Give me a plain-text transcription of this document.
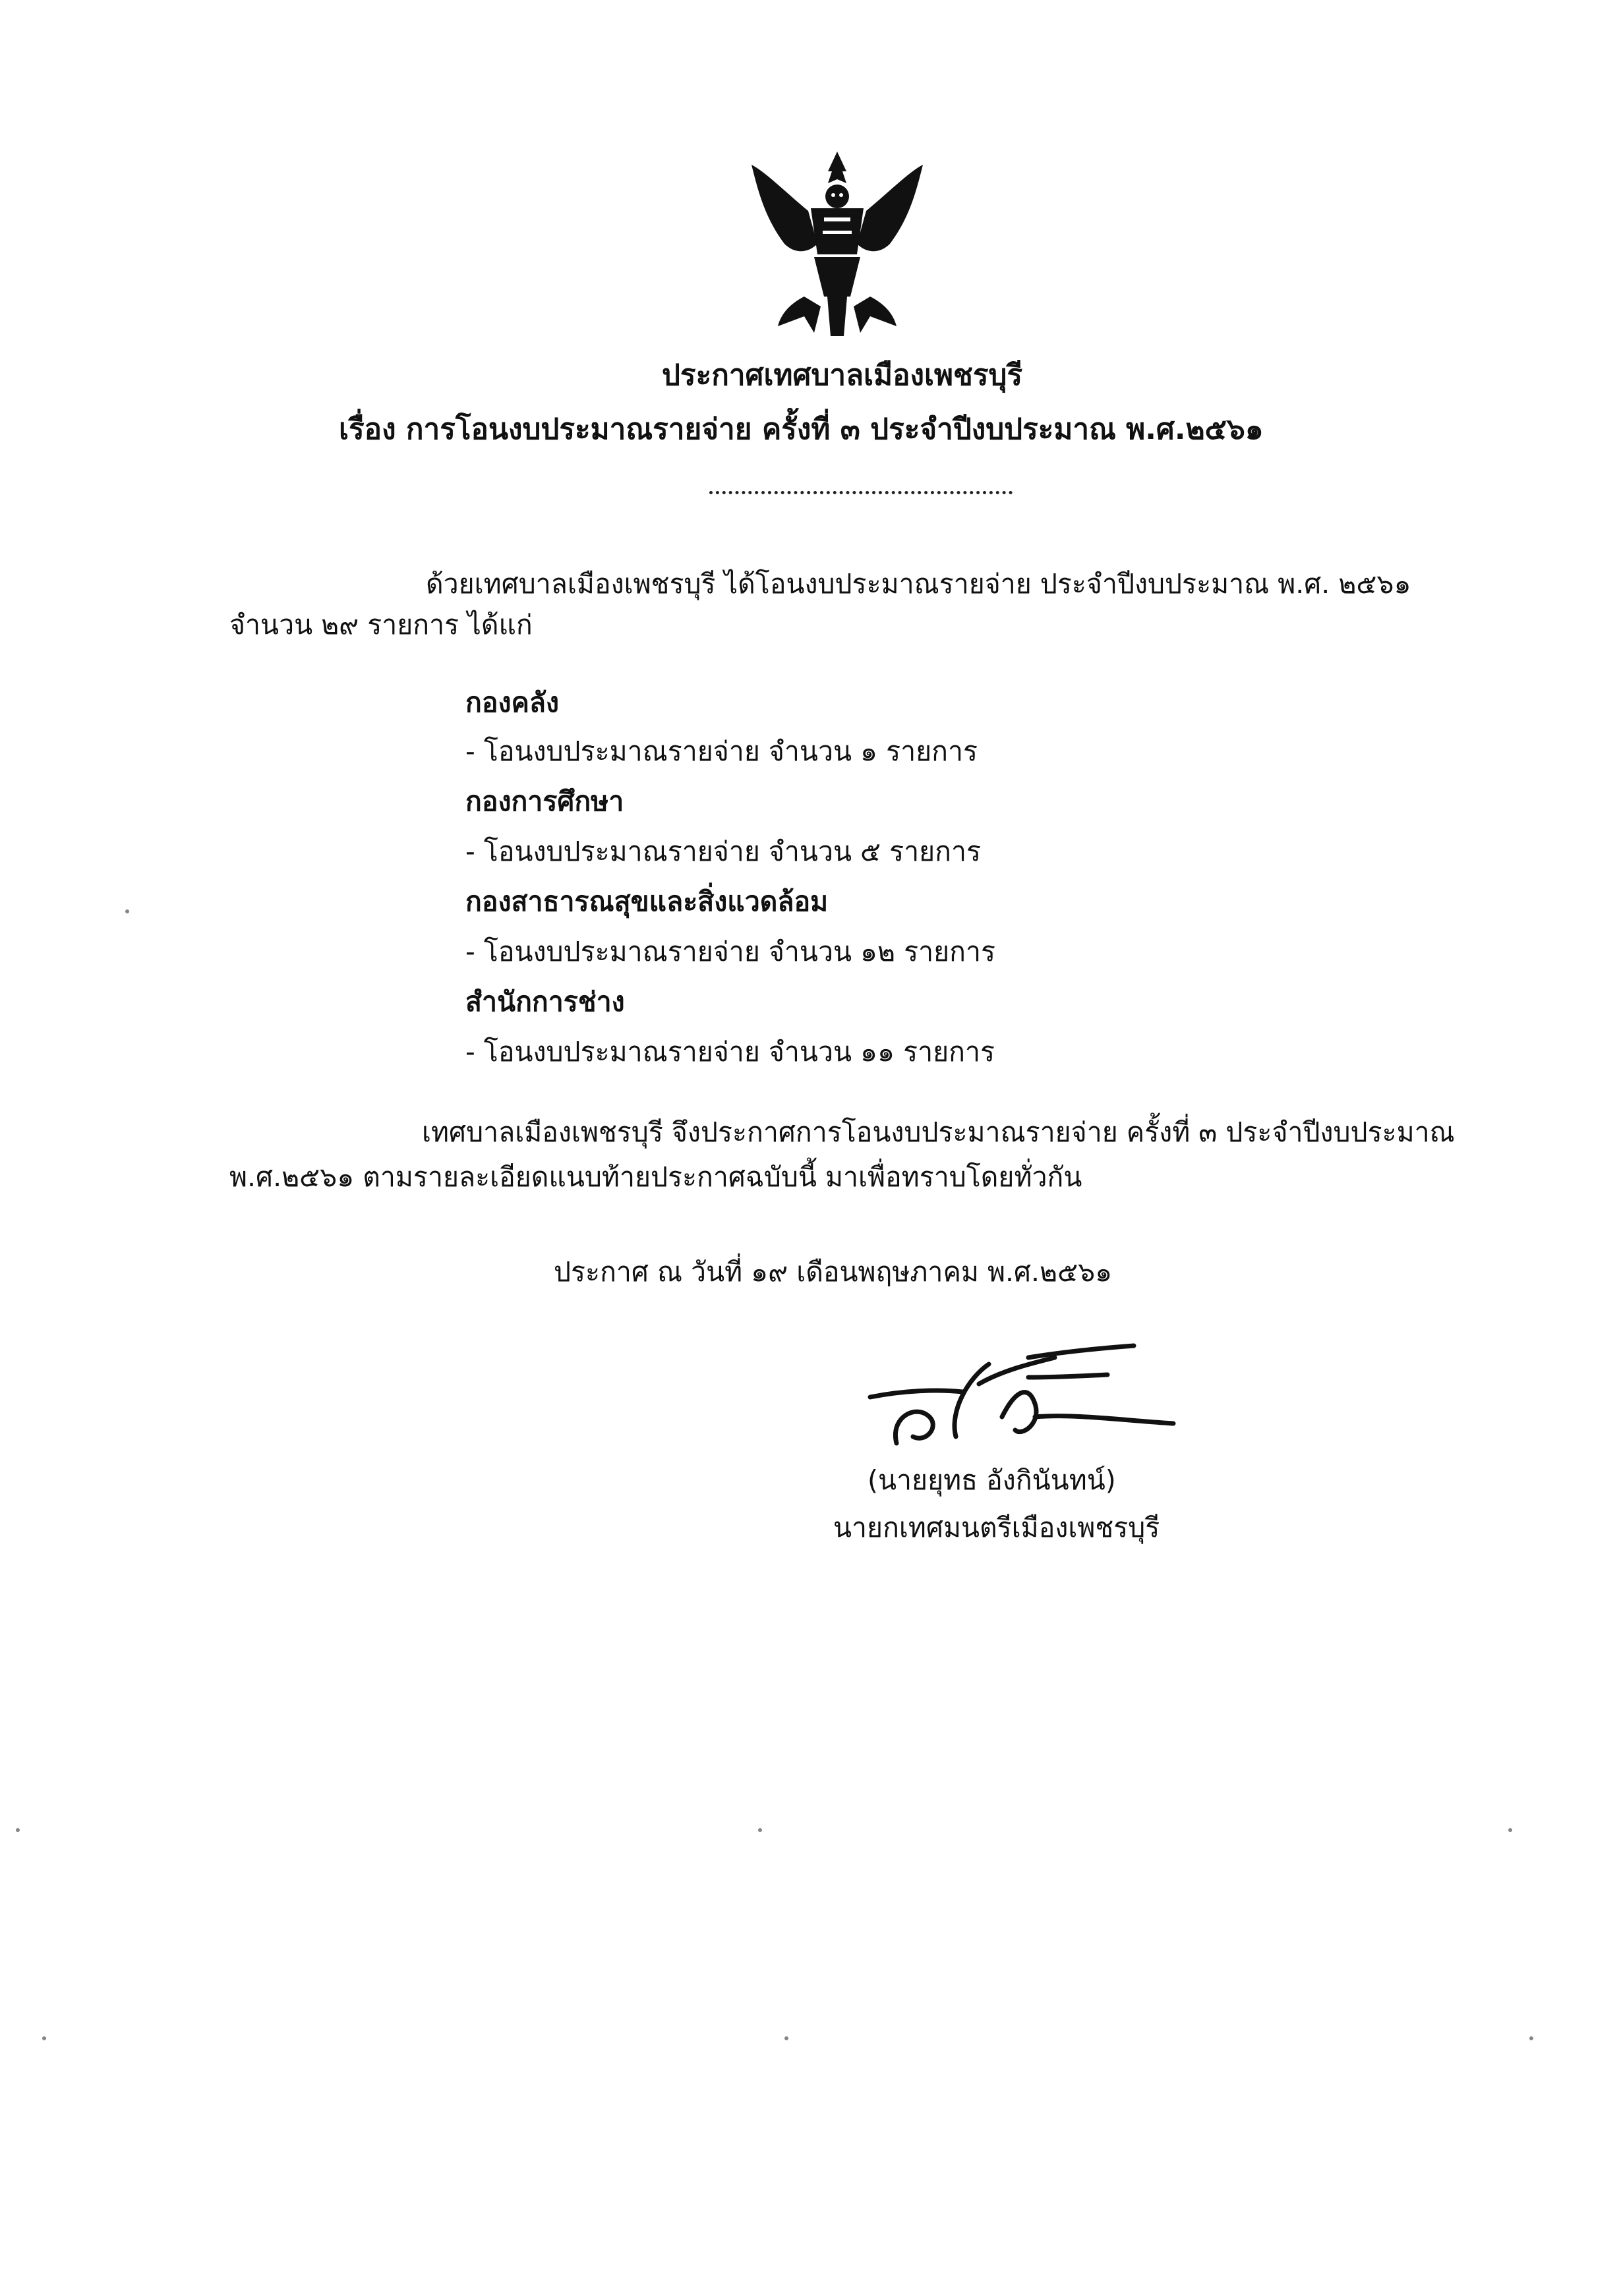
ประกาศเทศบาลเมืองเพชรบุรี
เรื่อง การโอนงบประมาณรายจ่าย ครั้งที่ ๓ ประจำปีงบประมาณ พ.ศ.๒๕๖๑
ด้วยเทศบาลเมืองเพชรบุรี ได้โอนงบประมาณรายจ่าย ประจำปีงบประมาณ พ.ศ. ๒๕๖๑
จำนวน ๒๙ รายการ ได้แก่
กองคลัง
- โอนงบประมาณรายจ่าย จำนวน ๑ รายการ
กองการศึกษา
- โอนงบประมาณรายจ่าย จำนวน ๕ รายการ
กองสาธารณสุขและสิ่งแวดล้อม
- โอนงบประมาณรายจ่าย จำนวน ๑๒ รายการ
สำนักการช่าง
- โอนงบประมาณรายจ่าย จำนวน ๑๑ รายการ
เทศบาลเมืองเพชรบุรี จึงประกาศการโอนงบประมาณรายจ่าย ครั้งที่ ๓ ประจำปีงบประมาณ
พ.ศ.๒๕๖๑ ตามรายละเอียดแนบท้ายประกาศฉบับนี้ มาเพื่อทราบโดยทั่วกัน
ประกาศ ณ วันที่ ๑๙ เดือนพฤษภาคม พ.ศ.๒๕๖๑
(นายยุทธ อังกินันทน์)
นายกเทศมนตรีเมืองเพชรบุรี
